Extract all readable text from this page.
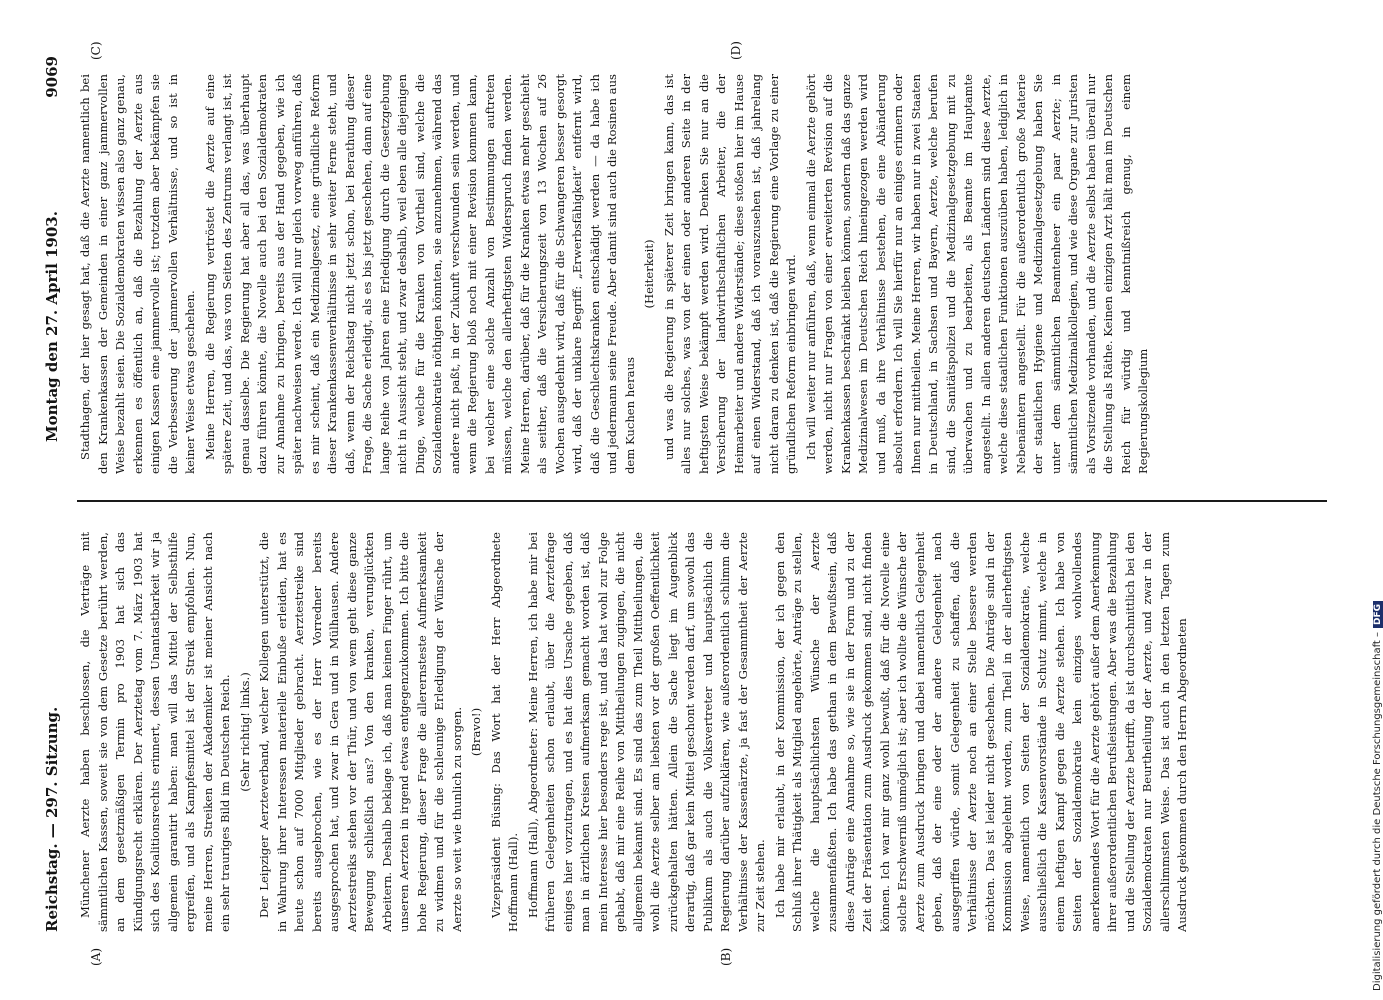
Reichstag. — 297. Sitzung.
Montag den 27. April 1903.
9069
(A)	(B)
(C)	(D)

Münchener Aerzte haben beschlossen, die Verträge mit sämmtlichen Kassen, soweit sie von dem Gesetze berührt werden, an dem gesetzmäßigen Termin pro 1903 hat sich das Kündigungsrecht erklären. Der Aerztetag vom 7. März 1903 hat sich des Koalitionsrechts erinnert, dessen Unantastbarkeit wir ja allgemein garantirt haben: man will das Mittel der Selbsthilfe ergreifen, und als Kampfesmittel ist der Streik empfohlen. Nun, meine Herren, Streiken der Akademiker ist meiner Ansicht nach ein sehr trauriges Bild im Deutschen Reich. (Sehr richtig! links.) Der Leipziger Aerzteverband, welcher Kollegen unterstützt, die in Wahrung ihrer Interessen materielle Einbuße erleiden, hat es heute schon auf 7000 Mitglieder gebracht. Aerztestreike sind bereits ausgebrochen, wie es der Herr Vorredner bereits ausgesprochen hat, und zwar in Gera und in Mülhausen. Andere Aerztestreiks stehen vor der Thür, und von wem geht diese ganze Bewegung schließlich aus? Von den kranken, verunglückten Arbeitern. Deshalb beklage ich, daß man keinen Finger rührt, um unseren Aerzten in irgend etwas entgegenzukommen. Ich bitte die hohe Regierung, dieser Frage die allerernsteste Aufmerksamkeit zu widmen und für die schleunige Erledigung der Wünsche der Aerzte so weit wie thunlich zu sorgen. (Bravo!) Vizepräsident Büsing: Das Wort hat der Herr Abgeordnete Hoffmann (Hall). Hoffmann (Hall), Abgeordneter: Meine Herren, ich habe mir bei früheren Gelegenheiten schon erlaubt, über die Aerztefrage einiges hier vorzutragen, und es hat dies Ursache gegeben, daß man in ärztlichen Kreisen aufmerksam gemacht worden ist, daß mein Interesse hier besonders rege ist, und das hat wohl zur Folge gehabt, daß mir eine Reihe von Mittheilungen zugingen, die nicht allgemein bekannt sind. Es sind das zum Theil Mittheilungen, die wohl die Aerzte selber am liebsten vor der großen Oeffentlichkeit zurückgehalten hätten. Allein die Sache liegt im Augenblick derartig, daß gar kein Mittel geschont werden darf, um sowohl das Publikum als auch die Volksvertreter und hauptsächlich die Regierung darüber aufzuklären, wie außerordentlich schlimm die Verhältnisse der Kassenärzte, ja fast der Gesammtheit der Aerzte zur Zeit stehen. Ich habe mir erlaubt, in der Kommission, der ich gegen den Schluß ihrer Thätigkeit als Mitglied angehörte, Anträge zu stellen, welche die hauptsächlichsten Wünsche der Aerzte zusammenfaßten. Ich habe das gethan in dem Bewußtsein, daß diese Anträge eine Annahme so, wie sie in der Form und zu der Zeit der Präsentation zum Ausdruck gekommen sind, nicht finden können. Ich war mir ganz wohl bewußt, daß für die Novelle eine solche Erschwerniß unmöglich ist; aber ich wollte die Wünsche der Aerzte zum Ausdruck bringen und dabei namentlich Gelegenheit geben, daß der eine oder der andere Gelegenheit nach ausgegriffen würde, somit Gelegenheit zu schaffen, daß die Verhältnisse der Aerzte noch an einer Stelle bessere werden möchten. Das ist leider nicht geschehen. Die Anträge sind in der Kommission abgelehnt worden, zum Theil in der allerheftigsten Weise, namentlich von Seiten der Sozialdemokratie, welche ausschließlich die Kassenvorstände in Schutz nimmt, welche in einem heftigen Kampf gegen die Aerzte stehen. Ich habe von Seiten der Sozialdemokratie kein einziges wohlwollendes anerkennendes Wort für die Aerzte gehört außer dem Anerkennung ihrer außerordentlichen Berufsleistungen. Aber was die Bezahlung und die Stellung der Aerzte betrifft, da ist durchschnittlich bei den Sozialdemokraten nur Beurtheilung der Aerzte, und zwar in der allerschlimmsten Weise. Das ist auch in den letzten Tagen zum Ausdruck gekommen durch den Herrn Abgeordneten

Stadthagen, der hier gesagt hat, daß die Aerzte namentlich bei den Krankenkassen der Gemeinden in einer ganz jammervollen Weise bezahlt seien. Die Sozialdemokraten wissen also ganz genau, erkennen es öffentlich an, daß die Bezahlung der Aerzte aus einigen Kassen eine jammervolle ist; trotzdem aber bekämpfen sie die Verbesserung der jammervollen Verhältnisse, und so ist in keiner Weise etwas geschehen. Meine Herren, die Regierung vertröstet die Aerzte auf eine spätere Zeit, und das, was von Seiten des Zentrums verlangt ist, ist genau dasselbe. Die Regierung hat aber all das, was überhaupt dazu führen könnte, die Novelle auch bei den Sozialdemokraten zur Annahme zu bringen, bereits aus der Hand gegeben, wie ich später nachweisen werde. Ich will nur gleich vorweg anführen, daß es mir scheint, daß ein Medizinalgesetz, eine gründliche Reform dieser Krankenkassenverhältnisse in sehr weiter Ferne steht, und daß, wenn der Reichstag nicht jetzt schon, bei Berathung dieser Frage, die Sache erledigt, als es bis jetzt geschehen, dann auf eine lange Reihe von Jahren eine Erledigung durch die Gesetzgebung nicht in Aussicht steht, und zwar deshalb, weil eben alle diejenigen Dinge, welche für die Kranken von Vortheil sind, welche die Sozialdemokratie nöthigen könnten, sie anzunehmen, während das andere nicht paßt, in der Zukunft verschwunden sein werden, und wenn die Regierung bloß noch mit einer Revision kommen kann, bei welcher eine solche Anzahl von Bestimmungen auftreten müssen, welche den allerheftigsten Widerspruch finden werden. Meine Herren, darüber, daß für die Kranken etwas mehr geschieht als seither, daß die Versicherungszeit von 13 Wochen auf 26 Wochen ausgedehnt wird, daß für die Schwangeren besser gesorgt wird, daß der unklare Begriff: „Erwerbsfähigkeit“ entfernt wird, daß die Geschlechtskranken entschädigt werden — da habe ich und jedermann seine Freude. Aber damit sind auch die Rosinen aus dem Kuchen heraus

(Heiterkeit) und was die Regierung in späterer Zeit bringen kann, das ist alles nur solches, was von der einen oder anderen Seite in der heftigsten Weise bekämpft werden wird. Denken Sie nur an die Versicherung der landwirthschaftlichen Arbeiter, die der Heimarbeiter und andere Widerstände; diese stoßen hier im Hause auf einen Widerstand, daß ich vorauszusehen ist, daß jahrelang nicht daran zu denken ist, daß die Regierung eine Vorlage zu einer gründlichen Reform einbringen wird. Ich will weiter nur anführen, daß, wenn einmal die Aerzte gehört werden, nicht nur Fragen von einer erweiterten Revision auf die Krankenkassen beschränkt bleiben können, sondern daß das ganze Medizinalwesen im Deutschen Reich hineingezogen werden wird und muß, da ihre Verhältnisse bestehen, die eine Abänderung absolut erfordern. Ich will Sie hierfür nur an einiges erinnern oder Ihnen nur mittheilen. Meine Herren, wir haben nur in zwei Staaten in Deutschland, in Sachsen und Bayern, Aerzte, welche berufen sind, die Sanitätspolizei und die Medizinalgesetzgebung mit zu überwachen und zu bearbeiten, als Beamte im Hauptamte angestellt. In allen anderen deutschen Ländern sind diese Aerzte, welche diese staatlichen Funktionen auszuüben haben, lediglich in Nebenämtern angestellt. Für die außerordentlich große Materie der staatlichen Hygiene und Medizinalgesetzgebung haben Sie unter dem sämmtlichen Beamtenheer ein paar Aerzte; in sämmtlichen Medizinalkollegien, und wie diese Organe zur Juristen als Vorsitzende vorhanden, und die Aerzte selbst haben überall nur die Stellung als Räthe. Keinen einzigen Arzt hält man im Deutschen Reich für würdig und kenntnißreich genug, in einem Regierungskollegium

Digitalisierung gefördert durch die Deutsche Forschungsgemeinschaft –DFG
